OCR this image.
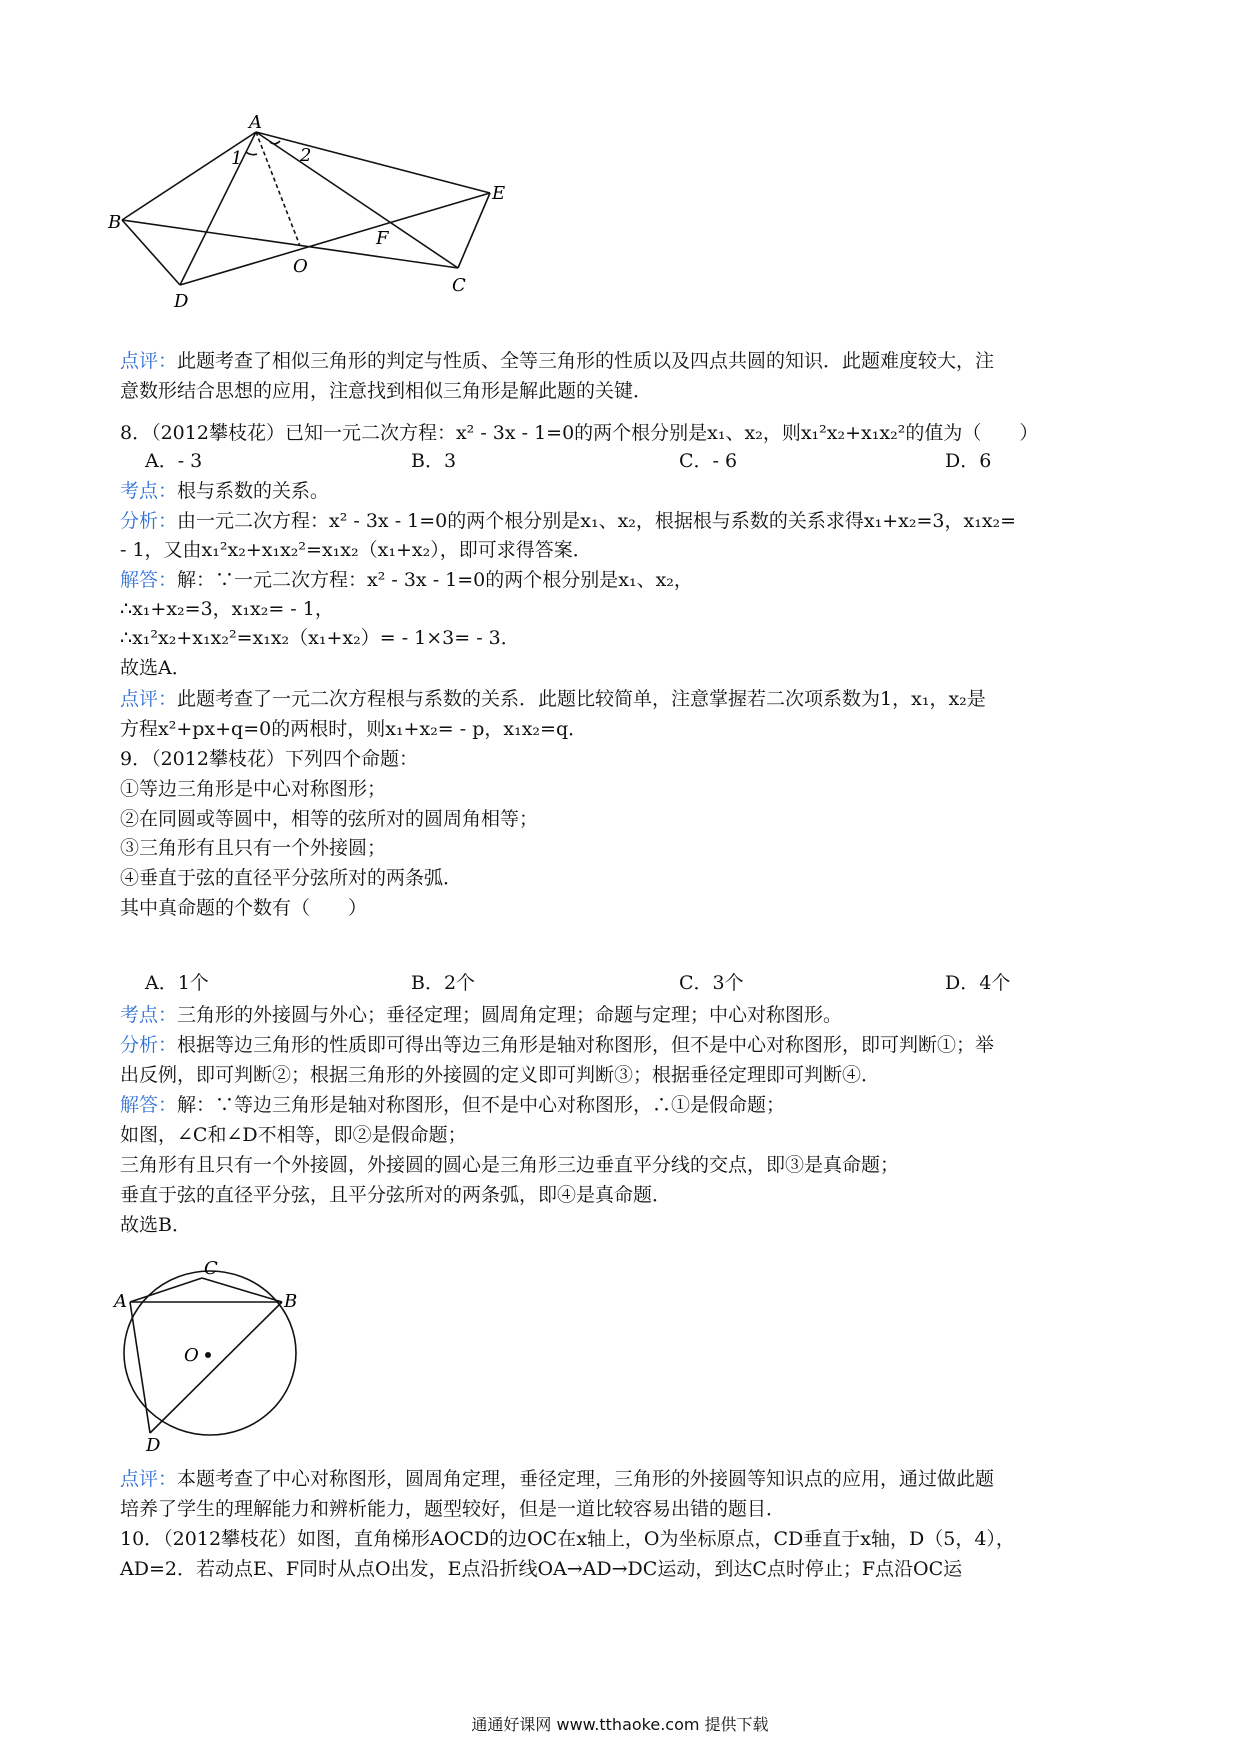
A
1	2
E
B
F
O
C
D
点评：此题考查了相似三角形的判定与性质、全等三角形的性质以及四点共圆的知识．此题难度较大，注
意数形结合思想的应用，注意找到相似三角形是解此题的关键．
8．（2012攀枝花）已知一元二次方程：x² - 3x - 1=0的两个根分别是x₁、x₂，则x₁²x₂+x₁x₂²的值为（　　）
考点：根与系数的关系。
分析：由一元二次方程：x² - 3x - 1=0的两个根分别是x₁、x₂，根据根与系数的关系求得x₁+x₂=3，x₁x₂=
- 1，又由x₁²x₂+x₁x₂²=x₁x₂（x₁+x₂），即可求得答案．
解答：解：∵一元二次方程：x² - 3x - 1=0的两个根分别是x₁、x₂，
∴x₁+x₂=3，x₁x₂= - 1，
∴x₁²x₂+x₁x₂²=x₁x₂（x₁+x₂）= - 1×3= - 3．
故选A．
点评：此题考查了一元二次方程根与系数的关系．此题比较简单，注意掌握若二次项系数为1，x₁，x₂是
方程x²+px+q=0的两根时，则x₁+x₂= - p，x₁x₂=q．
9．（2012攀枝花）下列四个命题：
①等边三角形是中心对称图形；
②在同圆或等圆中，相等的弦所对的圆周角相等；
③三角形有且只有一个外接圆；
④垂直于弦的直径平分弦所对的两条弧．
其中真命题的个数有（　　）
考点：三角形的外接圆与外心；垂径定理；圆周角定理；命题与定理；中心对称图形。
分析：根据等边三角形的性质即可得出等边三角形是轴对称图形，但不是中心对称图形，即可判断①；举
出反例，即可判断②；根据三角形的外接圆的定义即可判断③；根据垂径定理即可判断④．
解答：解：∵等边三角形是轴对称图形，但不是中心对称图形，∴①是假命题；
如图，∠C和∠D不相等，即②是假命题；
三角形有且只有一个外接圆，外接圆的圆心是三角形三边垂直平分线的交点，即③是真命题；
垂直于弦的直径平分弦，且平分弦所对的两条弧，即④是真命题．
故选B．
点评：本题考查了中心对称图形，圆周角定理，垂径定理，三角形的外接圆等知识点的应用，通过做此题
培养了学生的理解能力和辨析能力，题型较好，但是一道比较容易出错的题目．
10．（2012攀枝花）如图，直角梯形AOCD的边OC在x轴上，O为坐标原点，CD垂直于x轴，D（5，4），
AD=2．若动点E、F同时从点O出发，E点沿折线OA→AD→DC运动，到达C点时停止；F点沿OC运
A．- 3	B．3	C．- 6	D．6
A．1个	B．2个	C．3个	D．4个
C
A	B
O
D
通通好课网 www.tthaoke.com 提供下载
